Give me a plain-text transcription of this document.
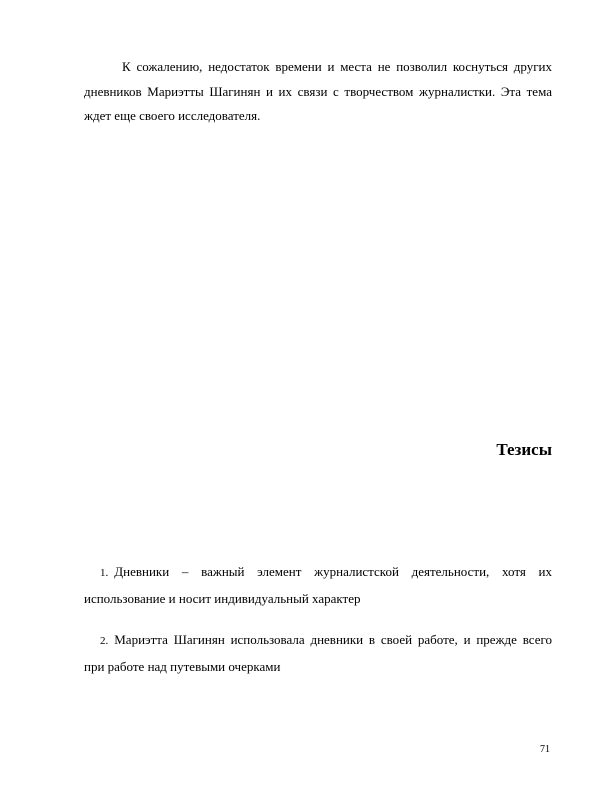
К сожалению, недостаток времени и места не позволил коснуться других дневников Мариэтты Шагинян и их связи с творчеством журналистки. Эта тема ждет еще своего исследователя.

Тезисы

1. Дневники – важный элемент журналистской деятельности, хотя их использование и носит индивидуальный характер

2. Мариэтта Шагинян использовала дневники в своей работе, и прежде всего при работе над путевыми очерками

71
